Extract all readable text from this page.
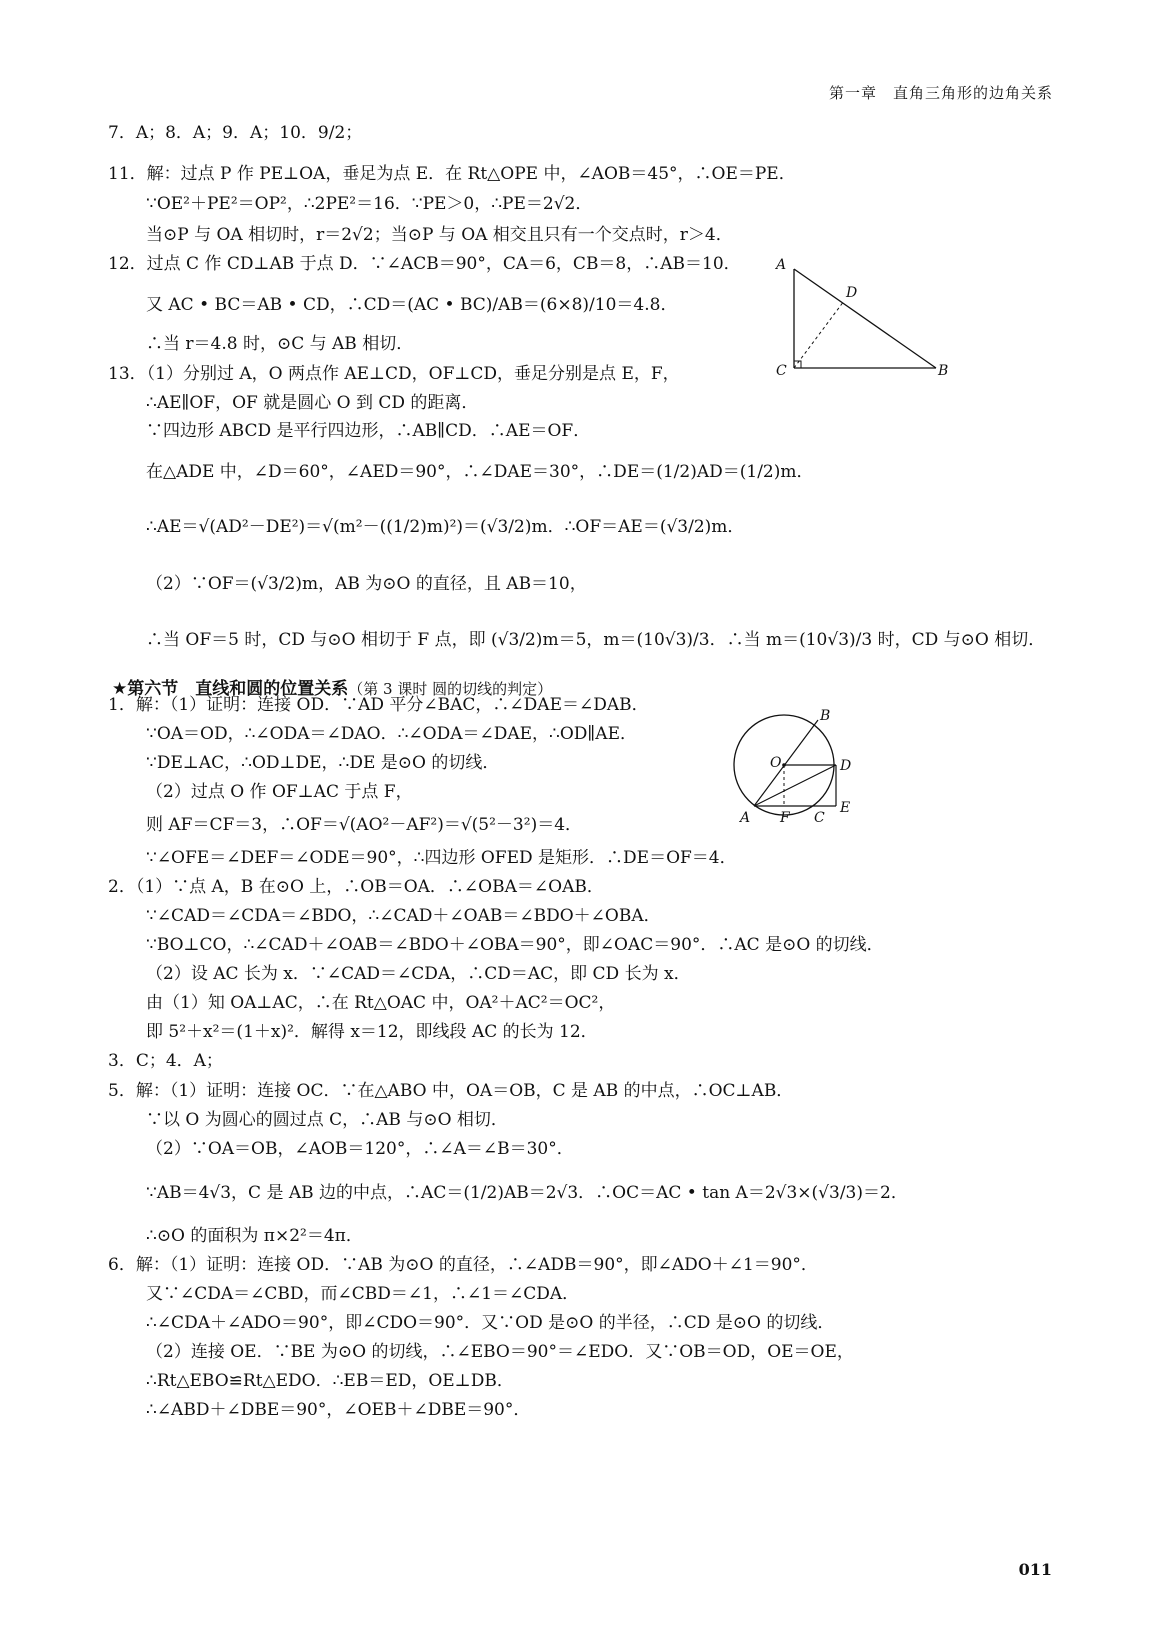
第一章　直角三角形的边角关系
7．A；8．A；9．A；10．9/2；
11．解：过点 P 作 PE⊥OA，垂足为点 E．在 Rt△OPE 中，∠AOB＝45°，∴OE＝PE．
∵OE²＋PE²＝OP²，∴2PE²＝16．∵PE＞0，∴PE＝2√2．
当⊙P 与 OA 相切时，r＝2√2；当⊙P 与 OA 相交且只有一个交点时，r＞4．
12．过点 C 作 CD⊥AB 于点 D．∵∠ACB＝90°，CA＝6，CB＝8，∴AB＝10．
又 AC • BC＝AB • CD，∴CD＝(AC • BC)/AB＝(6×8)/10＝4.8．
∴当 r＝4.8 时，⊙C 与 AB 相切．
13．（1）分别过 A，O 两点作 AE⊥CD，OF⊥CD，垂足分别是点 E，F，
∴AE∥OF，OF 就是圆心 O 到 CD 的距离．
∵四边形 ABCD 是平行四边形，∴AB∥CD．∴AE＝OF．
在△ADE 中，∠D＝60°，∠AED＝90°，∴∠DAE＝30°，∴DE＝(1/2)AD＝(1/2)m．
∴AE＝√(AD²－DE²)＝√(m²－((1/2)m)²)＝(√3/2)m．∴OF＝AE＝(√3/2)m．
（2）∵OF＝(√3/2)m，AB 为⊙O 的直径，且 AB＝10，
∴当 OF＝5 时，CD 与⊙O 相切于 F 点，即 (√3/2)m＝5，m＝(10√3)/3．∴当 m＝(10√3)/3 时，CD 与⊙O 相切．
★第六节　直线和圆的位置关系（第 3 课时 圆的切线的判定）
1．解：（1）证明：连接 OD．∵AD 平分∠BAC，∴∠DAE＝∠DAB．
∵OA＝OD，∴∠ODA＝∠DAO．∴∠ODA＝∠DAE，∴OD∥AE．
∵DE⊥AC，∴OD⊥DE，∴DE 是⊙O 的切线．
（2）过点 O 作 OF⊥AC 于点 F，
则 AF＝CF＝3，∴OF＝√(AO²－AF²)＝√(5²－3²)＝4．
∵∠OFE＝∠DEF＝∠ODE＝90°，∴四边形 OFED 是矩形．∴DE＝OF＝4．
2．（1）∵点 A，B 在⊙O 上，∴OB＝OA．∴∠OBA＝∠OAB．
∵∠CAD＝∠CDA＝∠BDO，∴∠CAD＋∠OAB＝∠BDO＋∠OBA．
∵BO⊥CO，∴∠CAD＋∠OAB＝∠BDO＋∠OBA＝90°，即∠OAC＝90°．∴AC 是⊙O 的切线．
（2）设 AC 长为 x．∵∠CAD＝∠CDA，∴CD＝AC，即 CD 长为 x．
由（1）知 OA⊥AC，∴在 Rt△OAC 中，OA²＋AC²＝OC²，
即 5²＋x²＝(1＋x)²．解得 x＝12，即线段 AC 的长为 12．
3．C；4．A；
5．解：（1）证明：连接 OC．∵在△ABO 中，OA＝OB，C 是 AB 的中点，∴OC⊥AB．
∵以 O 为圆心的圆过点 C，∴AB 与⊙O 相切．
（2）∵OA＝OB，∠AOB＝120°，∴∠A＝∠B＝30°．
∵AB＝4√3，C 是 AB 边的中点，∴AC＝(1/2)AB＝2√3．∴OC＝AC • tan A＝2√3×(√3/3)＝2．
∴⊙O 的面积为 π×2²＝4π．
6．解：（1）证明：连接 OD．∵AB 为⊙O 的直径，∴∠ADB＝90°，即∠ADO＋∠1＝90°．
又∵∠CDA＝∠CBD，而∠CBD＝∠1，∴∠1＝∠CDA．
∴∠CDA＋∠ADO＝90°，即∠CDO＝90°．又∵OD 是⊙O 的半径，∴CD 是⊙O 的切线．
（2）连接 OE．∵BE 为⊙O 的切线，∴∠EBO＝90°＝∠EDO．又∵OB＝OD，OE＝OE，
∴Rt△EBO≌Rt△EDO．∴EB＝ED，OE⊥DB．
∴∠ABD＋∠DBE＝90°，∠OEB＋∠DBE＝90°．
A
D
C	B
B
O	D
A F C
E
011
